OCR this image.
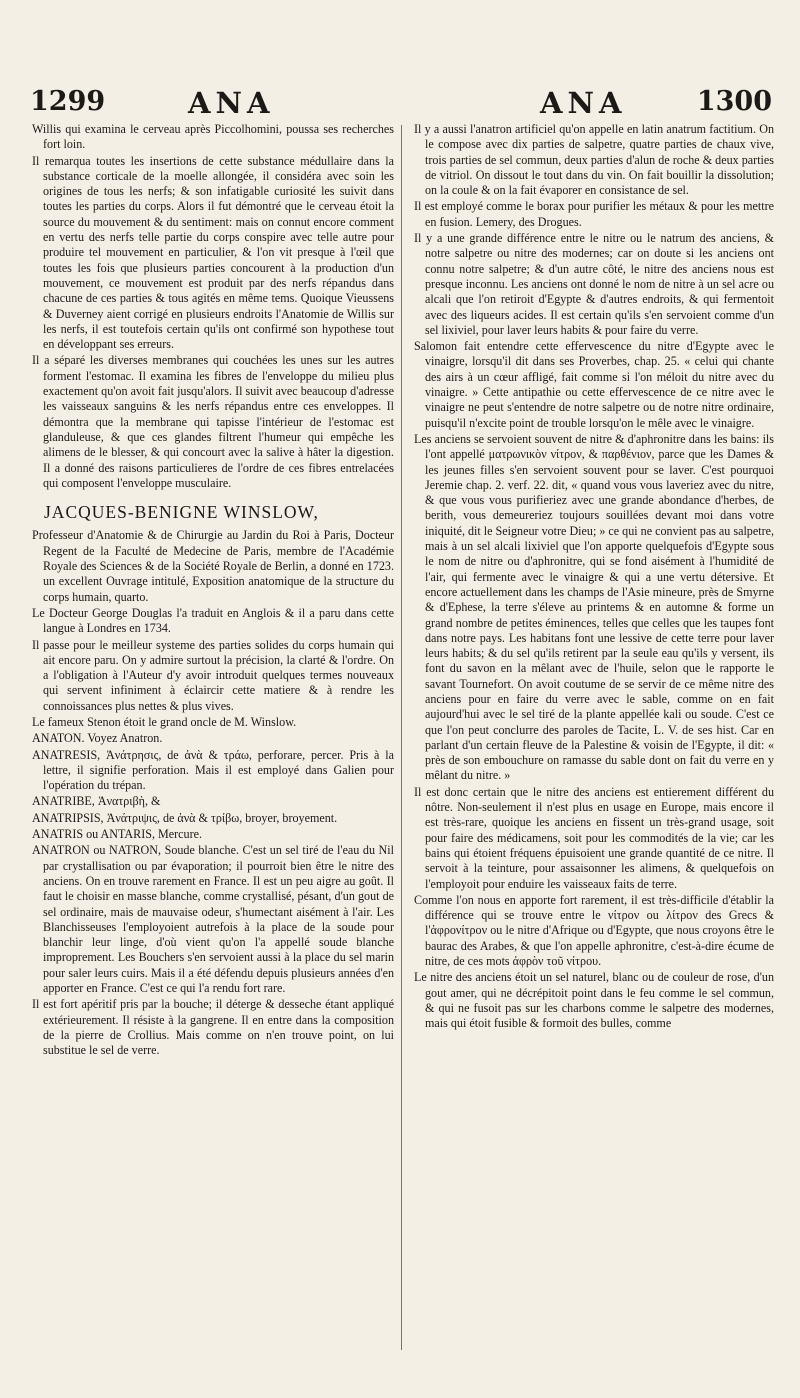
1299	ANA	ANA	1300

Willis qui examina le cerveau après Piccolhomini, poussa ses recherches fort loin.

Il remarqua toutes les insertions de cette substance médullaire dans la substance corticale de la moelle allongée, il considéra avec soin les origines de tous les nerfs; & son infatigable curiosité les suivit dans toutes les parties du corps. Alors il fut démontré que le cerveau étoit la source du mouvement & du sentiment: mais on connut encore comment en vertu des nerfs telle partie du corps conspire avec telle autre pour produire tel mouvement en particulier, & l'on vit presque à l'œil que toutes les fois que plusieurs parties concourent à la production d'un mouvement, ce mouvement est produit par des nerfs répandus dans chacune de ces parties & tous agités en même tems. Quoique Vieussens & Duverney aient corrigé en plusieurs endroits l'Anatomie de Willis sur les nerfs, il est toutefois certain qu'ils ont confirmé son hypothese tout en développant ses erreurs.

Il a séparé les diverses membranes qui couchées les unes sur les autres forment l'estomac. Il examina les fibres de l'enveloppe du milieu plus exactement qu'on avoit fait jusqu'alors. Il suivit avec beaucoup d'adresse les vaisseaux sanguins & les nerfs répandus entre ces enveloppes. Il démontra que la membrane qui tapisse l'intérieur de l'estomac est glanduleuse, & que ces glandes filtrent l'humeur qui empêche les alimens de le blesser, & qui concourt avec la salive à hâter la digestion. Il a donné des raisons particulieres de l'ordre de ces fibres entrelacées qui composent l'enveloppe musculaire.

JACQUES-BENIGNE WINSLOW,

Professeur d'Anatomie & de Chirurgie au Jardin du Roi à Paris, Docteur Regent de la Faculté de Medecine de Paris, membre de l'Académie Royale des Sciences & de la Société Royale de Berlin, a donné en 1723. un excellent Ouvrage intitulé, Exposition anatomique de la structure du corps humain, quarto.

Le Docteur George Douglas l'a traduit en Anglois & il a paru dans cette langue à Londres en 1734.

Il passe pour le meilleur systeme des parties solides du corps humain qui ait encore paru. On y admire surtout la précision, la clarté & l'ordre. On a l'obligation à l'Auteur d'y avoir introduit quelques termes nouveaux qui servent infiniment à éclaircir cette matiere & à rendre les connoissances plus nettes & plus vives.

Le fameux Stenon étoit le grand oncle de M. Winslow.

ANATON. Voyez Anatron.

ANATRESIS, Ἀνάτρησις, de ἀνὰ & τράω, perforare, percer. Pris à la lettre, il signifie perforation. Mais il est employé dans Galien pour l'opération du trépan.

ANATRIBE, Ἀνατριβὴ, &

ANATRIPSIS, Ἀνάτριψις, de ἀνὰ & τρίβω, broyer, broyement.

ANATRIS ou ANTARIS, Mercure.

ANATRON ou NATRON, Soude blanche. C'est un sel tiré de l'eau du Nil par crystallisation ou par évaporation; il pourroit bien être le nitre des anciens. On en trouve rarement en France. Il est un peu aigre au goût. Il faut le choisir en masse blanche, comme crystallisé, pésant, d'un gout de sel ordinaire, mais de mauvaise odeur, s'humectant aisément à l'air. Les Blanchisseuses l'employoient autrefois à la place de la soude pour blanchir leur linge, d'où vient qu'on l'a appellé soude blanche improprement. Les Bouchers s'en servoient aussi à la place du sel marin pour saler leurs cuirs. Mais il a été défendu depuis plusieurs années d'en apporter en France. C'est ce qui l'a rendu fort rare.

Il est fort apéritif pris par la bouche; il déterge & desseche étant appliqué extérieurement. Il résiste à la gangrene. Il en entre dans la composition de la pierre de Crollius. Mais comme on n'en trouve point, on lui substitue le sel de verre.

Il y a aussi l'anatron artificiel qu'on appelle en latin anatrum factitium. On le compose avec dix parties de salpetre, quatre parties de chaux vive, trois parties de sel commun, deux parties d'alun de roche & deux parties de vitriol. On dissout le tout dans du vin. On fait bouillir la dissolution; on la coule & on la fait évaporer en consistance de sel.

Il est employé comme le borax pour purifier les métaux & pour les mettre en fusion. Lemery, des Drogues.

Il y a une grande différence entre le nitre ou le natrum des anciens, & notre salpetre ou nitre des modernes; car on doute si les anciens ont connu notre salpetre; & d'un autre côté, le nitre des anciens nous est presque inconnu. Les anciens ont donné le nom de nitre à un sel acre ou alcali que l'on retiroit d'Egypte & d'autres endroits, & qui fermentoit avec des liqueurs acides. Il est certain qu'ils s'en servoient comme d'un sel lixiviel, pour laver leurs habits & pour faire du verre.

Salomon fait entendre cette effervescence du nitre d'Egypte avec le vinaigre, lorsqu'il dit dans ses Proverbes, chap. 25. « celui qui chante des airs à un cœur affligé, fait comme si l'on méloit du nitre avec du vinaigre. » Cette antipathie ou cette effervescence de ce nitre avec le vinaigre ne peut s'entendre de notre salpetre ou de notre nitre ordinaire, puisqu'il n'excite point de trouble lorsqu'on le mêle avec le vinaigre.

Les anciens se servoient souvent de nitre & d'aphronitre dans les bains: ils l'ont appellé ματρωνικὸν νίτρον, & παρθένιον, parce que les Dames & les jeunes filles s'en servoient souvent pour se laver. C'est pourquoi Jeremie chap. 2. verf. 22. dit, « quand vous vous laveriez avec du nitre, & que vous vous purifieriez avec une grande abondance d'herbes, de berith, vous demeureriez toujours souillées devant moi dans votre iniquité, dit le Seigneur votre Dieu; » ce qui ne convient pas au salpetre, mais à un sel alcali lixiviel que l'on apporte quelquefois d'Egypte sous le nom de nitre ou d'aphronitre, qui se fond aisément à l'humidité de l'air, qui fermente avec le vinaigre & qui a une vertu détersive. Et encore actuellement dans les champs de l'Asie mineure, près de Smyrne & d'Ephese, la terre s'éleve au printems & en automne & forme un grand nombre de petites éminences, telles que celles que les taupes font dans notre pays. Les habitans font une lessive de cette terre pour laver leurs habits; & du sel qu'ils retirent par la seule eau qu'ils y versent, ils font du savon en la mêlant avec de l'huile, selon que le rapporte le savant Tournefort. On avoit coutume de se servir de ce même nitre des anciens pour en faire du verre avec le sable, comme on en fait aujourd'hui avec le sel tiré de la plante appellée kali ou soude. C'est ce que l'on peut conclurre des paroles de Tacite, L. V. de ses hist. Car en parlant d'un certain fleuve de la Palestine & voisin de l'Egypte, il dit: « près de son embouchure on ramasse du sable dont on fait du verre en y mêlant du nitre. »

Il est donc certain que le nitre des anciens est entierement différent du nôtre. Non-seulement il n'est plus en usage en Europe, mais encore il est très-rare, quoique les anciens en fissent un très-grand usage, soit pour faire des médicamens, soit pour les commodités de la vie; car les bains qui étoient fréquens épuisoient une grande quantité de ce nitre. Il servoit à la teinture, pour assaisonner les alimens, & quelquefois on l'employoit pour enduire les vaisseaux faits de terre.

Comme l'on nous en apporte fort rarement, il est très-difficile d'établir la différence qui se trouve entre le νίτρον ou λίτρον des Grecs & l'ἀφρονίτρον ou le nitre d'Afrique ou d'Egypte, que nous croyons être le baurac des Arabes, & que l'on appelle aphronitre, c'est-à-dire écume de nitre, de ces mots ἀφρὸν τοῦ νίτρου.

Le nitre des anciens étoit un sel naturel, blanc ou de couleur de rose, d'un gout amer, qui ne décrépitoit point dans le feu comme le sel commun, & qui ne fusoit pas sur les charbons comme le salpetre des modernes, mais qui étoit fusible & formoit des bulles, comme
